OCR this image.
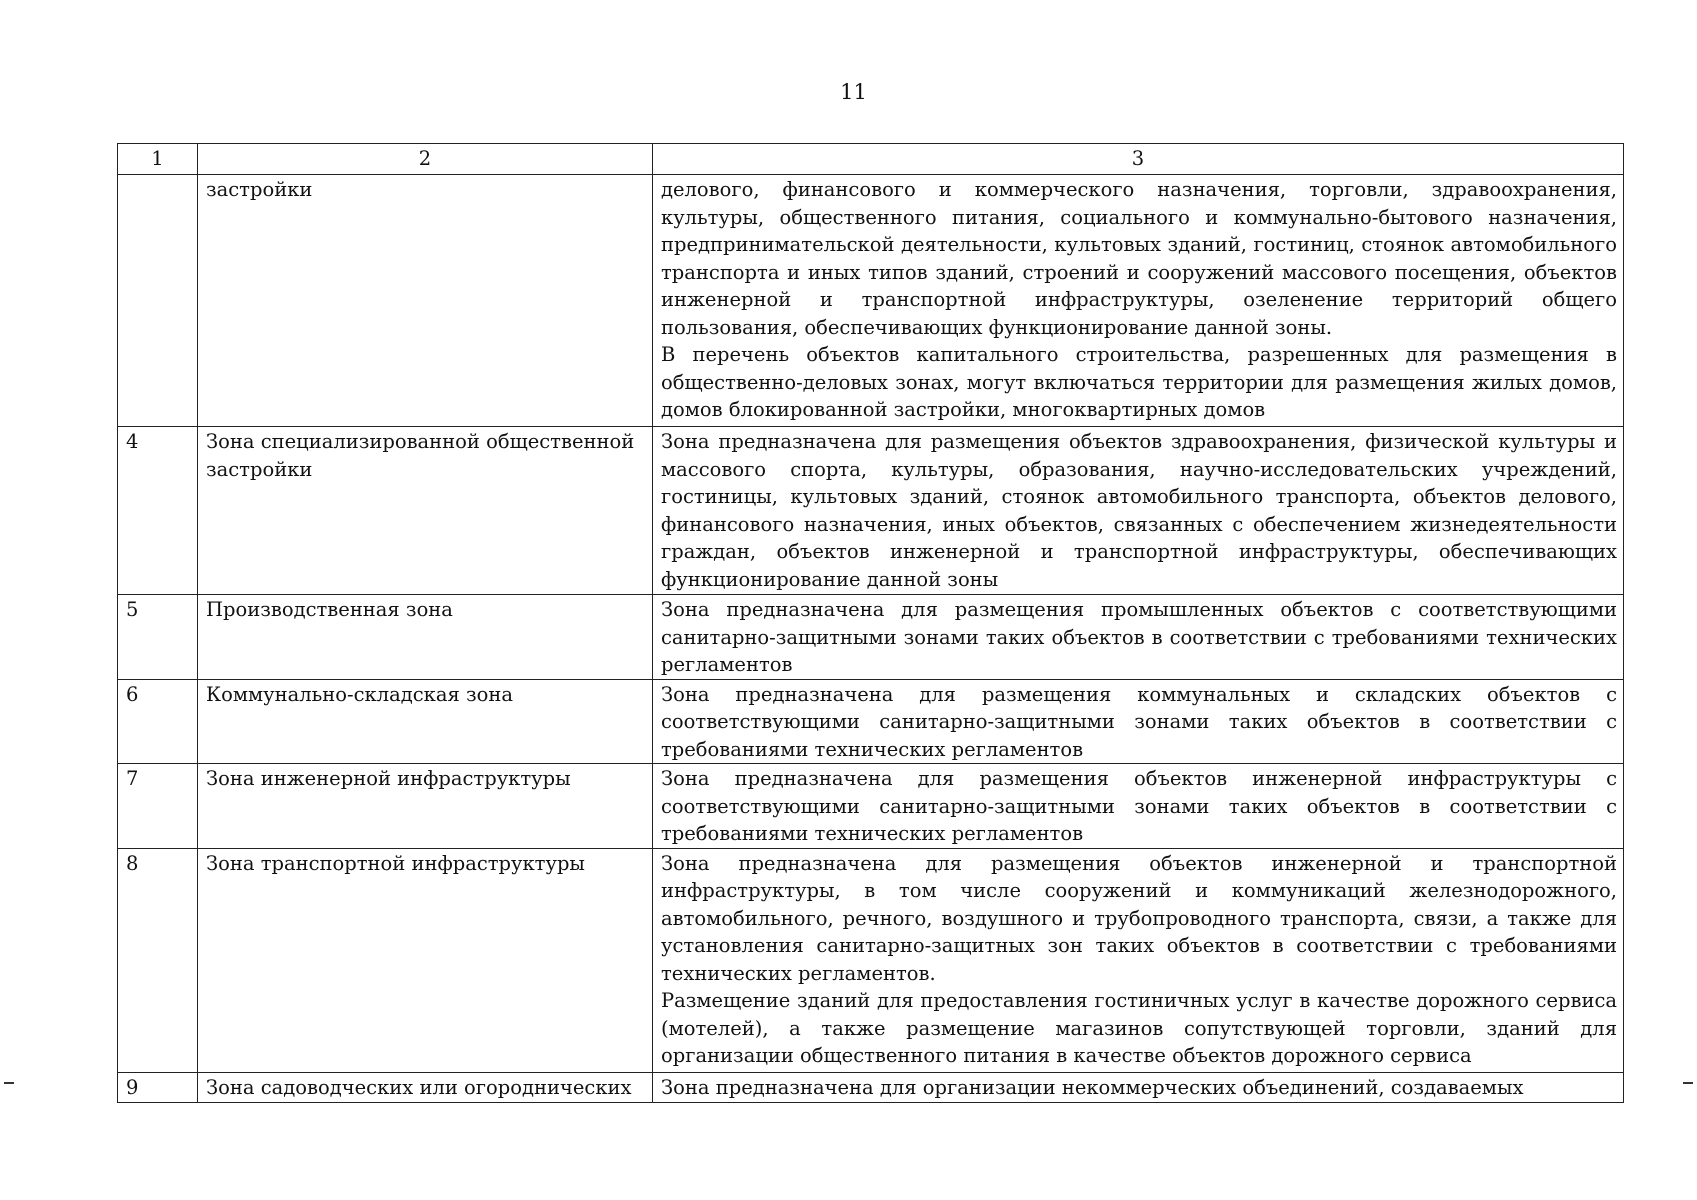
11
1	2	3
	застройки	делового, финансового и коммерческого назначения, торговли, здравоохранения, культуры, общественного питания, социального и коммунально-бытового назначения, предпринимательской деятельности, культовых зданий, гостиниц, стоянок автомобильного транспорта и иных типов зданий, строений и сооружений массового посещения, объектов инженерной и транспортной инфраструктуры, озеленение территорий общего пользования, обеспечивающих функционирование данной зоны.

В перечень объектов капитального строительства, разрешенных для размещения в общественно-деловых зонах, могут включаться территории для размещения жилых домов, домов блокированной застройки, многоквартирных домов

4	Зона специализированной общественной застройки	Зона предназначена для размещения объектов здравоохранения, физической культуры и массового спорта, культуры, образования, научно-исследовательских учреждений, гостиницы, культовых зданий, стоянок автомобильного транспорта, объектов делового, финансового назначения, иных объектов, связанных с обеспечением жизнедеятельности граждан, объектов инженерной и транспортной инфраструктуры, обеспечивающих функционирование данной зоны

5	Производственная зона	Зона предназначена для размещения промышленных объектов с соответствующими санитарно-защитными зонами таких объектов в соответствии с требованиями технических регламентов

6	Коммунально-складская зона	Зона предназначена для размещения коммунальных и складских объектов с соответствующими санитарно-защитными зонами таких объектов в соответствии с требованиями технических регламентов

7	Зона инженерной инфраструктуры	Зона предназначена для размещения объектов инженерной инфраструктуры с соответствующими санитарно-защитными зонами таких объектов в соответствии с требованиями технических регламентов

8	Зона транспортной инфраструктуры	Зона предназначена для размещения объектов инженерной и транспортной инфраструктуры, в том числе сооружений и коммуникаций железнодорожного, автомобильного, речного, воздушного и трубопроводного транспорта, связи, а также для установления санитарно-защитных зон таких объектов в соответствии с требованиями технических регламентов.

Размещение зданий для предоставления гостиничных услуг в качестве дорожного сервиса (мотелей), а также размещение магазинов сопутствующей торговли, зданий для организации общественного питания в качестве объектов дорожного сервиса

9	Зона садоводческих или огороднических	Зона предназначена для организации некоммерческих объединений, создаваемых
